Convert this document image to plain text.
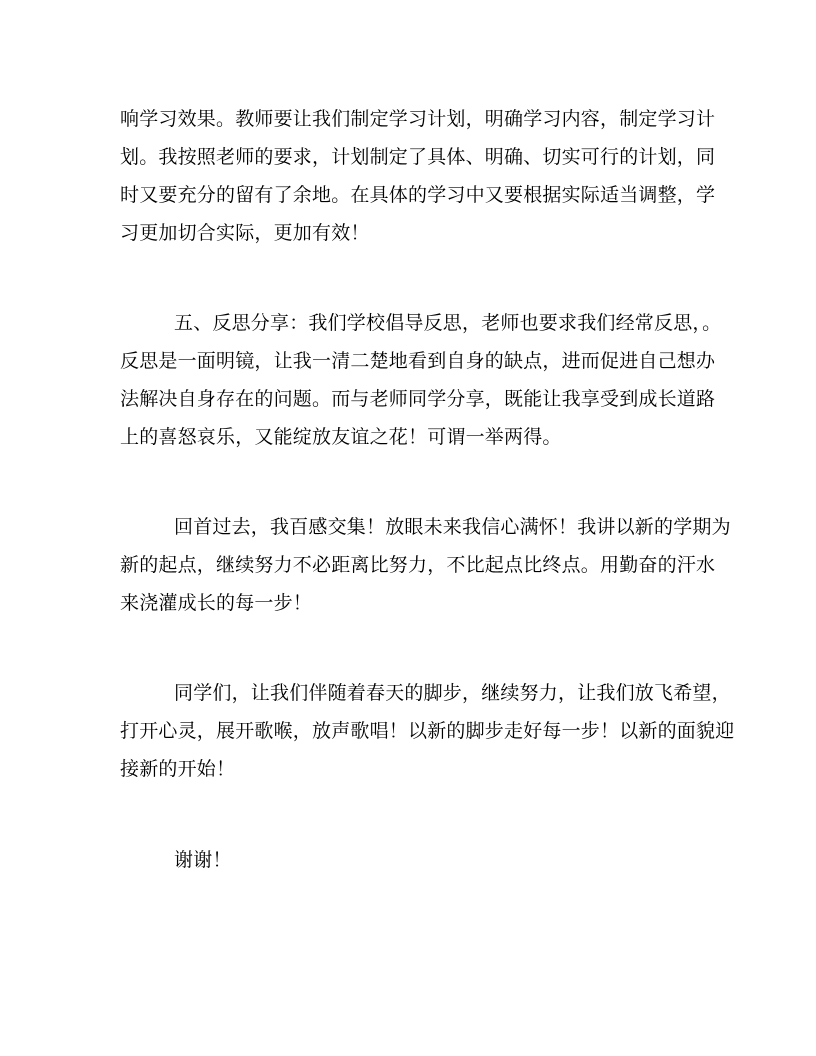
响学习效果。教师要让我们制定学习计划，明确学习内容，制定学习计
划。我按照老师的要求，计划制定了具体、明确、切实可行的计划，同
时又要充分的留有了余地。在具体的学习中又要根据实际适当调整，学
习更加切合实际，更加有效！
五、反思分享：我们学校倡导反思，老师也要求我们经常反思，。
反思是一面明镜，让我一清二楚地看到自身的缺点，进而促进自己想办
法解决自身存在的问题。而与老师同学分享，既能让我享受到成长道路
上的喜怒哀乐，又能绽放友谊之花！可谓一举两得。
回首过去，我百感交集！放眼未来我信心满怀！我讲以新的学期为
新的起点，继续努力不必距离比努力，不比起点比终点。用勤奋的汗水
来浇灌成长的每一步！
同学们，让我们伴随着春天的脚步，继续努力，让我们放飞希望，
打开心灵，展开歌喉，放声歌唱！以新的脚步走好每一步！以新的面貌迎
接新的开始！
谢谢！
